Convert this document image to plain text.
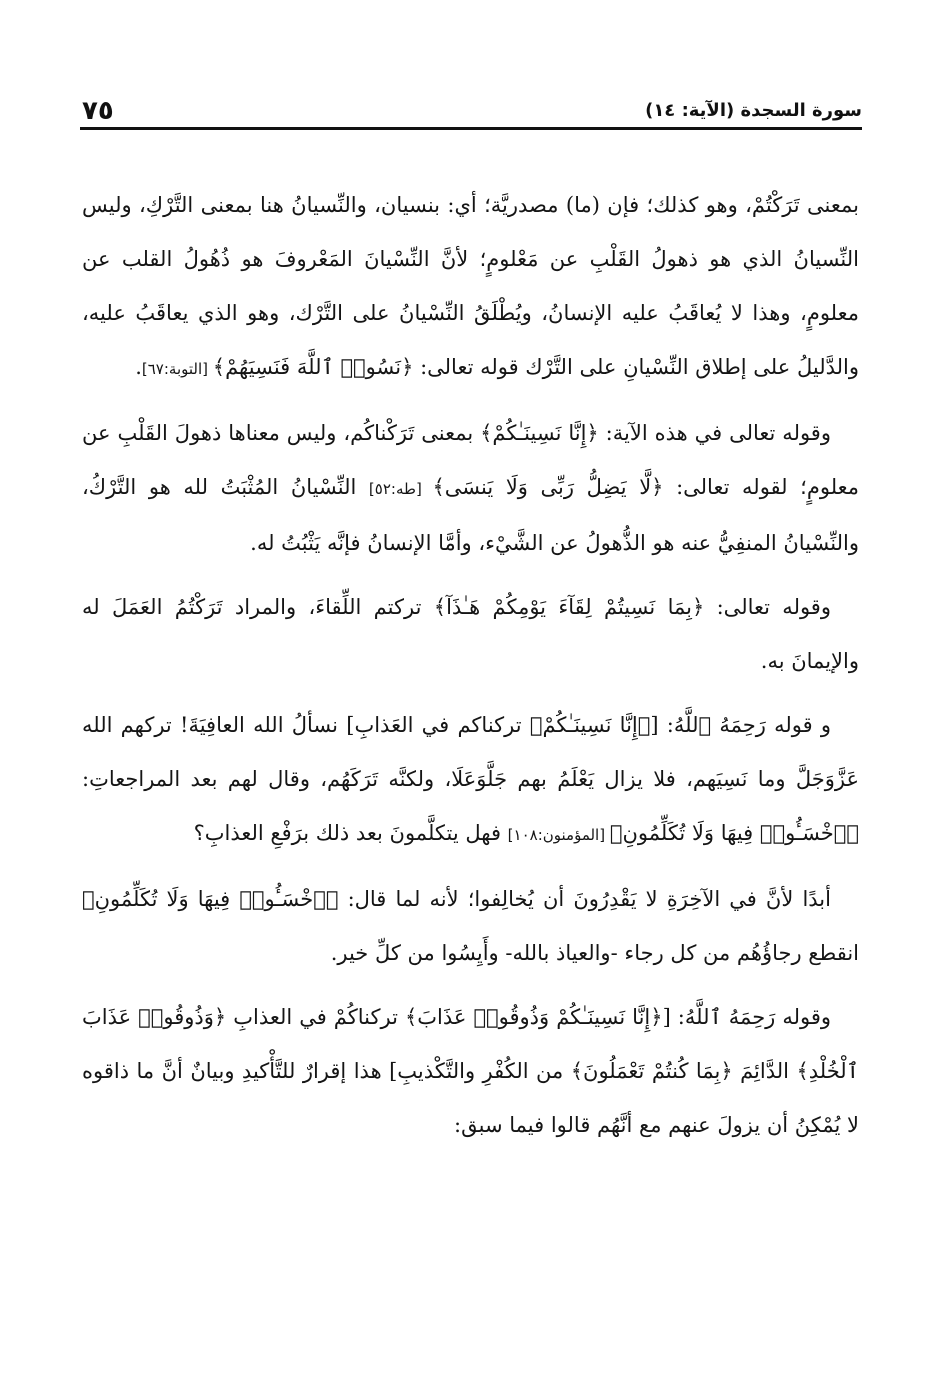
٧٥	سورة السجدة (الآية: ١٤)

بمعنى تَرَكْتُمْ، وهو كذلك؛ فإن (ما) مصدريَّة؛ أي: بنسيان، والنِّسيانُ هنا بمعنى التَّرْكِ، وليس النِّسيانُ الذي هو ذهولُ القَلْبِ عن مَعْلومٍ؛ لأنَّ النِّسْيانَ المَعْروفَ هو ذُهُولُ القلب عن معلومٍ، وهذا لا يُعاقَبُ عليه الإنسانُ، ويُطْلَقُ النِّسْيانُ على التَّرْك، وهو الذي يعاقَبُ عليه، والدَّليلُ على إطلاق النِّسْيانِ على التَّرْك قوله تعالى: ﴿نَسُوا۟ ٱللَّهَ فَنَسِيَهُمْ﴾ [التوبة:٦٧].

وقوله تعالى في هذه الآية: ﴿إِنَّا نَسِينَـٰكُمْ﴾ بمعنى تَرَكْناكُم، وليس معناها ذهولَ القَلْبِ عن معلومٍ؛ لقوله تعالى: ﴿لَّا يَضِلُّ رَبِّى وَلَا يَنسَى﴾ [طه:٥٢] النِّسْيانُ المُثْبَتُ لله هو التَّرْكُ، والنِّسْيانُ المنفِيُّ عنه هو الذُّهولُ عن الشَّيْء، وأمَّا الإنسانُ فإنَّه يَثْبُتُ له.

وقوله تعالى: ﴿بِمَا نَسِيتُمْ لِقَآءَ يَوْمِكُمْ هَـٰذَآ﴾ تركتم اللِّقاءَ، والمراد تَرَكْتُمُ العَمَلَ له والإيمانَ به.

و قوله رَحِمَهُ ٱللَّهُ: [﴿إِنَّا نَسِينَـٰكُمْ﴾ تركناكم في العَذابِ] نسألُ الله العافِيَةَ! تركهم الله عَزَّوَجَلَّ وما نَسِيَهم، فلا يزال يَعْلَمُ بهم جَلَّوَعَلَا، ولكنَّه تَرَكَهُم، وقال لهم بعد المراجعاتِ: ﴿ٱخْسَـُٔوا۟ فِيهَا وَلَا تُكَلِّمُونِ﴾ [المؤمنون:١٠٨] فهل يتكلَّمونَ بعد ذلك برَفْعِ العذابِ؟

أبدًا لأنَّ في الآخِرَةِ لا يَقْدِرُونَ أن يُخالِفوا؛ لأنه لما قال: ﴿ٱخْسَـُٔوا۟ فِيهَا وَلَا تُكَلِّمُونِ﴾ انقطع رجاؤُهُم من كل رجاء -والعياذ بالله- وأَيِسُوا من كلِّ خير.

وقوله رَحِمَهُ ٱللَّهُ: [﴿إِنَّا نَسِينَـٰكُمْ وَذُوقُوا۟ عَذَابَ﴾ تركناكُمْ في العذابِ ﴿وَذُوقُوا۟ عَذَابَ ٱلْخُلْدِ﴾ الدَّائِمَ ﴿بِمَا كُنتُمْ تَعْمَلُونَ﴾ من الكُفْرِ والتَّكْذيبِ] هذا إقرارٌ للتَّأْكيدِ وبيانٌ أنَّ ما ذاقوه لا يُمْكِنُ أن يزولَ عنهم مع أنَّهُم قالوا فيما سبق:
